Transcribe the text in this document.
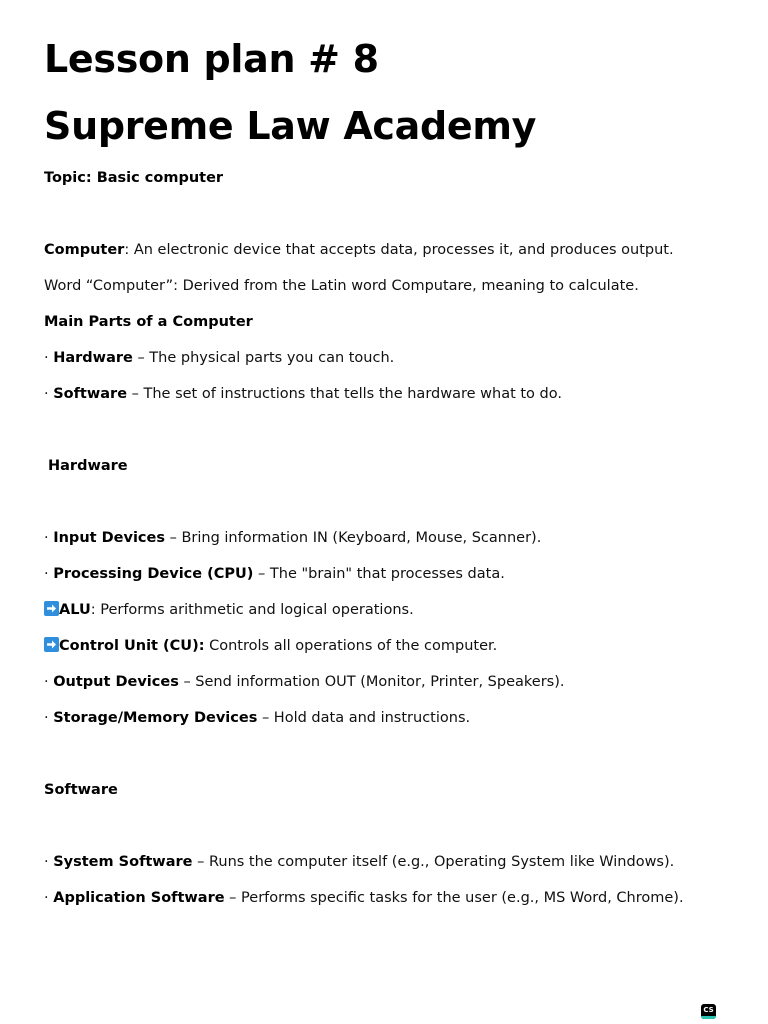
Lesson plan # 8
Supreme Law Academy
Topic: Basic computer
Computer: An electronic device that accepts data, processes it, and produces output.
Word “Computer”: Derived from the Latin word Computare, meaning to calculate.
Main Parts of a Computer
· Hardware – The physical parts you can touch.
· Software – The set of instructions that tells the hardware what to do.
Hardware
· Input Devices – Bring information IN (Keyboard, Mouse, Scanner).
· Processing Device (CPU) – The "brain" that processes data.
ALU: Performs arithmetic and logical operations.
Control Unit (CU): Controls all operations of the computer.
· Output Devices – Send information OUT (Monitor, Printer, Speakers).
· Storage/Memory Devices – Hold data and instructions.
Software
· System Software – Runs the computer itself (e.g., Operating System like Windows).
· Application Software – Performs specific tasks for the user (e.g., MS Word, Chrome).
CS
